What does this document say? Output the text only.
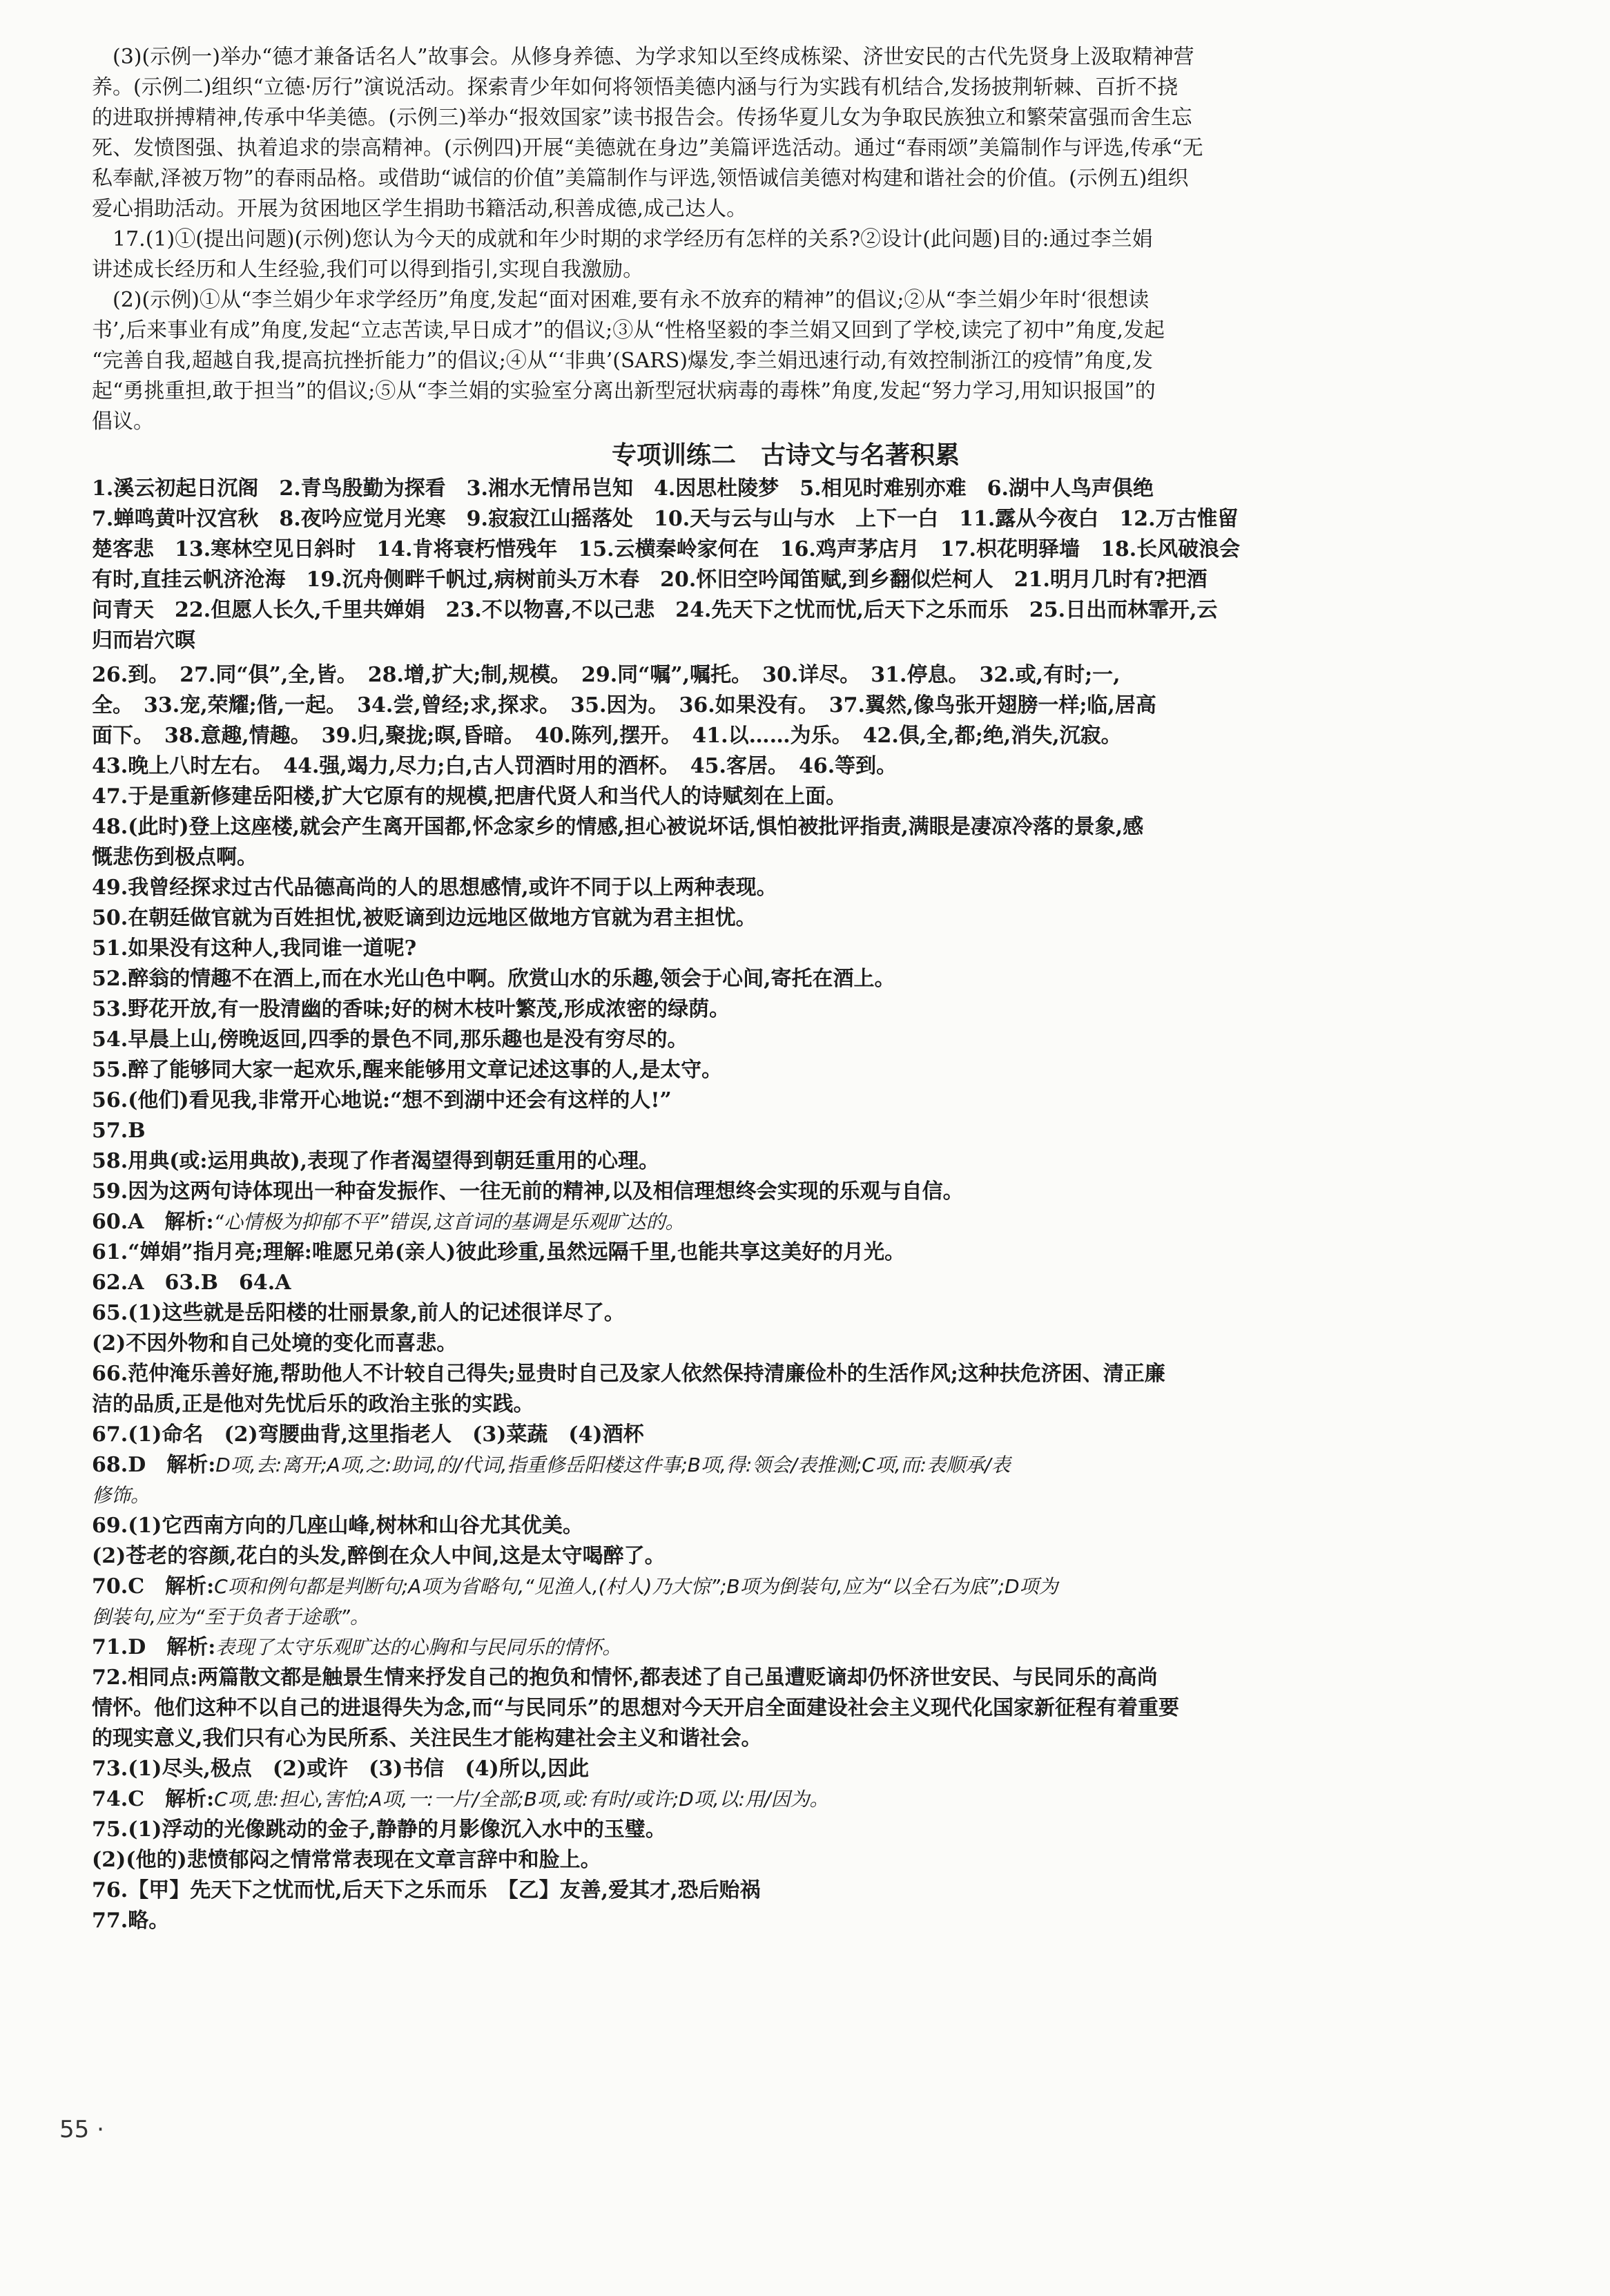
　(3)(示例一)举办“德才兼备话名人”故事会。从修身养德、为学求知以至终成栋梁、济世安民的古代先贤身上汲取精神营
养。(示例二)组织“立德·厉行”演说活动。探索青少年如何将领悟美德内涵与行为实践有机结合,发扬披荆斩棘、百折不挠
的进取拼搏精神,传承中华美德。(示例三)举办“报效国家”读书报告会。传扬华夏儿女为争取民族独立和繁荣富强而舍生忘
死、发愤图强、执着追求的崇高精神。(示例四)开展“美德就在身边”美篇评选活动。通过“春雨颂”美篇制作与评选,传承“无
私奉献,泽被万物”的春雨品格。或借助“诚信的价值”美篇制作与评选,领悟诚信美德对构建和谐社会的价值。(示例五)组织
爱心捐助活动。开展为贫困地区学生捐助书籍活动,积善成德,成己达人。
　17.(1)①(提出问题)(示例)您认为今天的成就和年少时期的求学经历有怎样的关系?②设计(此问题)目的:通过李兰娟
讲述成长经历和人生经验,我们可以得到指引,实现自我激励。
　(2)(示例)①从“李兰娟少年求学经历”角度,发起“面对困难,要有永不放弃的精神”的倡议;②从“李兰娟少年时‘很想读
书’,后来事业有成”角度,发起“立志苦读,早日成才”的倡议;③从“性格坚毅的李兰娟又回到了学校,读完了初中”角度,发起
“完善自我,超越自我,提高抗挫折能力”的倡议;④从“‘非典’(SARS)爆发,李兰娟迅速行动,有效控制浙江的疫情”角度,发
起“勇挑重担,敢于担当”的倡议;⑤从“李兰娟的实验室分离出新型冠状病毒的毒株”角度,发起“努力学习,用知识报国”的
倡议。
专项训练二　古诗文与名著积累
1.溪云初起日沉阁　2.青鸟殷勤为探看　3.湘水无情吊岂知　4.因思杜陵梦　5.相见时难别亦难　6.湖中人鸟声俱绝
7.蝉鸣黄叶汉宫秋　8.夜吟应觉月光寒　9.寂寂江山摇落处　10.天与云与山与水　上下一白　11.露从今夜白　12.万古惟留
楚客悲　13.寒林空见日斜时　14.肯将衰朽惜残年　15.云横秦岭家何在　16.鸡声茅店月　17.枳花明驿墙　18.长风破浪会
有时,直挂云帆济沧海　19.沉舟侧畔千帆过,病树前头万木春　20.怀旧空吟闻笛赋,到乡翻似烂柯人　21.明月几时有?把酒
问青天　22.但愿人长久,千里共婵娟　23.不以物喜,不以己悲　24.先天下之忧而忧,后天下之乐而乐　25.日出而林霏开,云
归而岩穴暝
26.到。　27.同“俱”,全,皆。　28.增,扩大;制,规模。　29.同“嘱”,嘱托。　30.详尽。　31.停息。　32.或,有时;一,
全。　33.宠,荣耀;偕,一起。　34.尝,曾经;求,探求。　35.因为。　36.如果没有。　37.翼然,像鸟张开翅膀一样;临,居高
面下。　38.意趣,情趣。　39.归,聚拢;暝,昏暗。　40.陈列,摆开。　41.以……为乐。　42.俱,全,都;绝,消失,沉寂。
43.晚上八时左右。　44.强,竭力,尽力;白,古人罚酒时用的酒杯。　45.客居。　46.等到。
47.于是重新修建岳阳楼,扩大它原有的规模,把唐代贤人和当代人的诗赋刻在上面。
48.(此时)登上这座楼,就会产生离开国都,怀念家乡的情感,担心被说坏话,惧怕被批评指责,满眼是凄凉冷落的景象,感
慨悲伤到极点啊。
49.我曾经探求过古代品德高尚的人的思想感情,或许不同于以上两种表现。
50.在朝廷做官就为百姓担忧,被贬谪到边远地区做地方官就为君主担忧。
51.如果没有这种人,我同谁一道呢?
52.醉翁的情趣不在酒上,而在水光山色中啊。欣赏山水的乐趣,领会于心间,寄托在酒上。
53.野花开放,有一股清幽的香味;好的树木枝叶繁茂,形成浓密的绿荫。
54.早晨上山,傍晚返回,四季的景色不同,那乐趣也是没有穷尽的。
55.醉了能够同大家一起欢乐,醒来能够用文章记述这事的人,是太守。
56.(他们)看见我,非常开心地说:“想不到湖中还会有这样的人!”
57.B
58.用典(或:运用典故),表现了作者渴望得到朝廷重用的心理。
59.因为这两句诗体现出一种奋发振作、一往无前的精神,以及相信理想终会实现的乐观与自信。
60.A　解析:“心情极为抑郁不平”错误,这首词的基调是乐观旷达的。
61.“婵娟”指月亮;理解:唯愿兄弟(亲人)彼此珍重,虽然远隔千里,也能共享这美好的月光。
62.A　63.B　64.A
65.(1)这些就是岳阳楼的壮丽景象,前人的记述很详尽了。
(2)不因外物和自己处境的变化而喜悲。
66.范仲淹乐善好施,帮助他人不计较自己得失;显贵时自己及家人依然保持清廉俭朴的生活作风;这种扶危济困、清正廉
洁的品质,正是他对先忧后乐的政治主张的实践。
67.(1)命名　(2)弯腰曲背,这里指老人　(3)菜蔬　(4)酒杯
68.D　解析:D项,去:离开;A项,之:助词,的/代词,指重修岳阳楼这件事;B项,得:领会/表推测;C项,而:表顺承/表
修饰。
69.(1)它西南方向的几座山峰,树林和山谷尤其优美。
(2)苍老的容颜,花白的头发,醉倒在众人中间,这是太守喝醉了。
70.C　解析:C项和例句都是判断句;A项为省略句,“见渔人,(村人)乃大惊”;B项为倒装句,应为“以全石为底”;D项为
倒装句,应为“至于负者于途歌”。
71.D　解析:表现了太守乐观旷达的心胸和与民同乐的情怀。
72.相同点:两篇散文都是触景生情来抒发自己的抱负和情怀,都表述了自己虽遭贬谪却仍怀济世安民、与民同乐的高尚
情怀。他们这种不以自己的进退得失为念,而“与民同乐”的思想对今天开启全面建设社会主义现代化国家新征程有着重要
的现实意义,我们只有心为民所系、关注民生才能构建社会主义和谐社会。
73.(1)尽头,极点　(2)或许　(3)书信　(4)所以,因此
74.C　解析:C项,患:担心,害怕;A项,一:一片/全部;B项,或:有时/或许;D项,以:用/因为。
75.(1)浮动的光像跳动的金子,静静的月影像沉入水中的玉璧。
(2)(他的)悲愤郁闷之情常常表现在文章言辞中和脸上。
76.【甲】先天下之忧而忧,后天下之乐而乐　【乙】友善,爱其才,恐后贻祸
77.略。
55 ·
